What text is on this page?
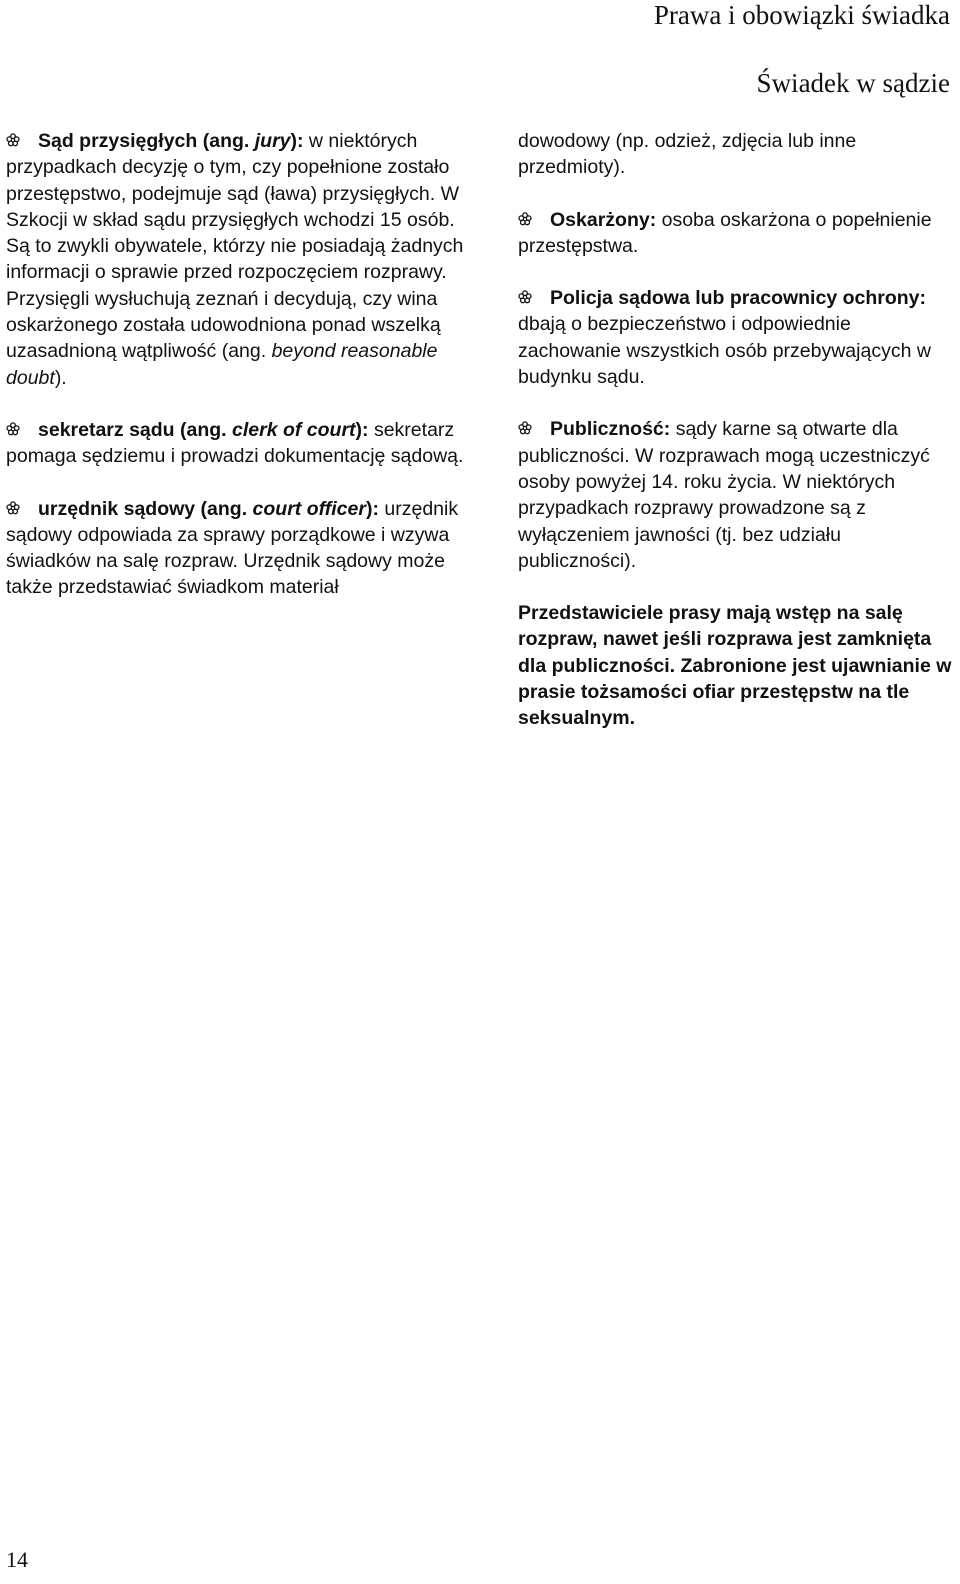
Prawa i obowiązki świadka
Świadek w sądzie

Sąd przysięgłych (ang. jury): w niektórych przypadkach decyzję o tym, czy popełnione zostało przestępstwo, podejmuje sąd (ława) przysięgłych. W Szkocji w skład sądu przysięgłych wchodzi 15 osób. Są to zwykli obywatele, którzy nie posiadają żadnych informacji o sprawie przed rozpoczęciem rozprawy. Przysięgli wysłuchują zeznań i decydują, czy wina oskarżonego została udowodniona ponad wszelką uzasadnioną wątpliwość (ang. beyond reasonable doubt).

sekretarz sądu (ang. clerk of court): sekretarz pomaga sędziemu i prowadzi dokumentację sądową.

urzędnik sądowy (ang. court officer): urzędnik sądowy odpowiada za sprawy porządkowe i wzywa świadków na salę rozpraw. Urzędnik sądowy może także przedstawiać świadkom materiał

dowodowy (np. odzież, zdjęcia lub inne przedmioty).

Oskarżony: osoba oskarżona o popełnienie przestępstwa.

Policja sądowa lub pracownicy ochrony: dbają o bezpieczeństwo i odpowiednie zachowanie wszystkich osób przebywających w budynku sądu.

Publiczność: sądy karne są otwarte dla publiczności. W rozprawach mogą uczestniczyć osoby powyżej 14. roku życia. W niektórych przypadkach rozprawy prowadzone są z wyłączeniem jawności (tj. bez udziału publiczności).

Przedstawiciele prasy mają wstęp na salę rozpraw, nawet jeśli rozprawa jest zamknięta dla publiczności. Zabronione jest ujawnianie w prasie tożsamości ofiar przestępstw na tle seksualnym.

14
